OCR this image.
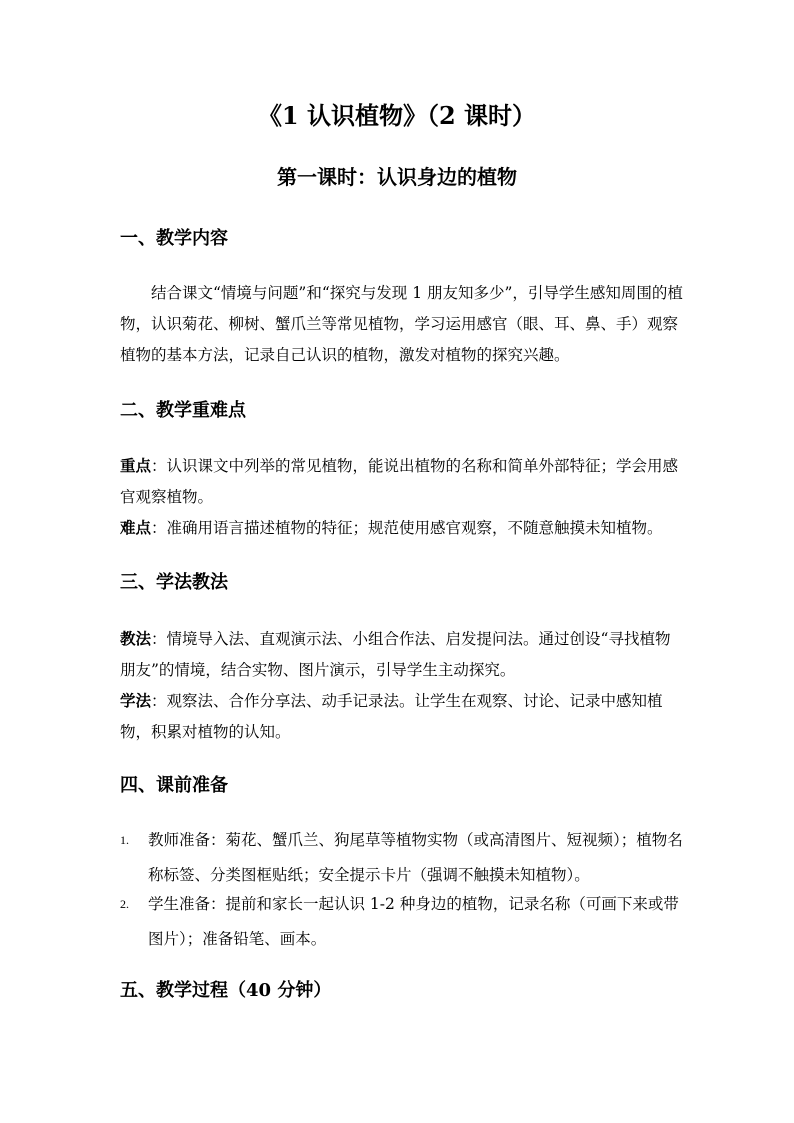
《1 认识植物》（2 课时）
第一课时：认识身边的植物
一、教学内容
结合课文“情境与问题”和“探究与发现 1 朋友知多少”，引导学生感知周围的植物，认识菊花、柳树、蟹爪兰等常见植物，学习运用感官（眼、耳、鼻、手）观察植物的基本方法，记录自己认识的植物，激发对植物的探究兴趣。
二、教学重难点
重点：认识课文中列举的常见植物，能说出植物的名称和简单外部特征；学会用感官观察植物。
难点：准确用语言描述植物的特征；规范使用感官观察，不随意触摸未知植物。
三、学法教法
教法：情境导入法、直观演示法、小组合作法、启发提问法。通过创设“寻找植物朋友”的情境，结合实物、图片演示，引导学生主动探究。
学法：观察法、合作分享法、动手记录法。让学生在观察、讨论、记录中感知植物，积累对植物的认知。
四、课前准备
1.	教师准备：菊花、蟹爪兰、狗尾草等植物实物（或高清图片、短视频）；植物名称标签、分类图框贴纸；安全提示卡片（强调不触摸未知植物）。
2.	学生准备：提前和家长一起认识 1-2 种身边的植物，记录名称（可画下来或带图片）；准备铅笔、画本。
五、教学过程（40 分钟）
